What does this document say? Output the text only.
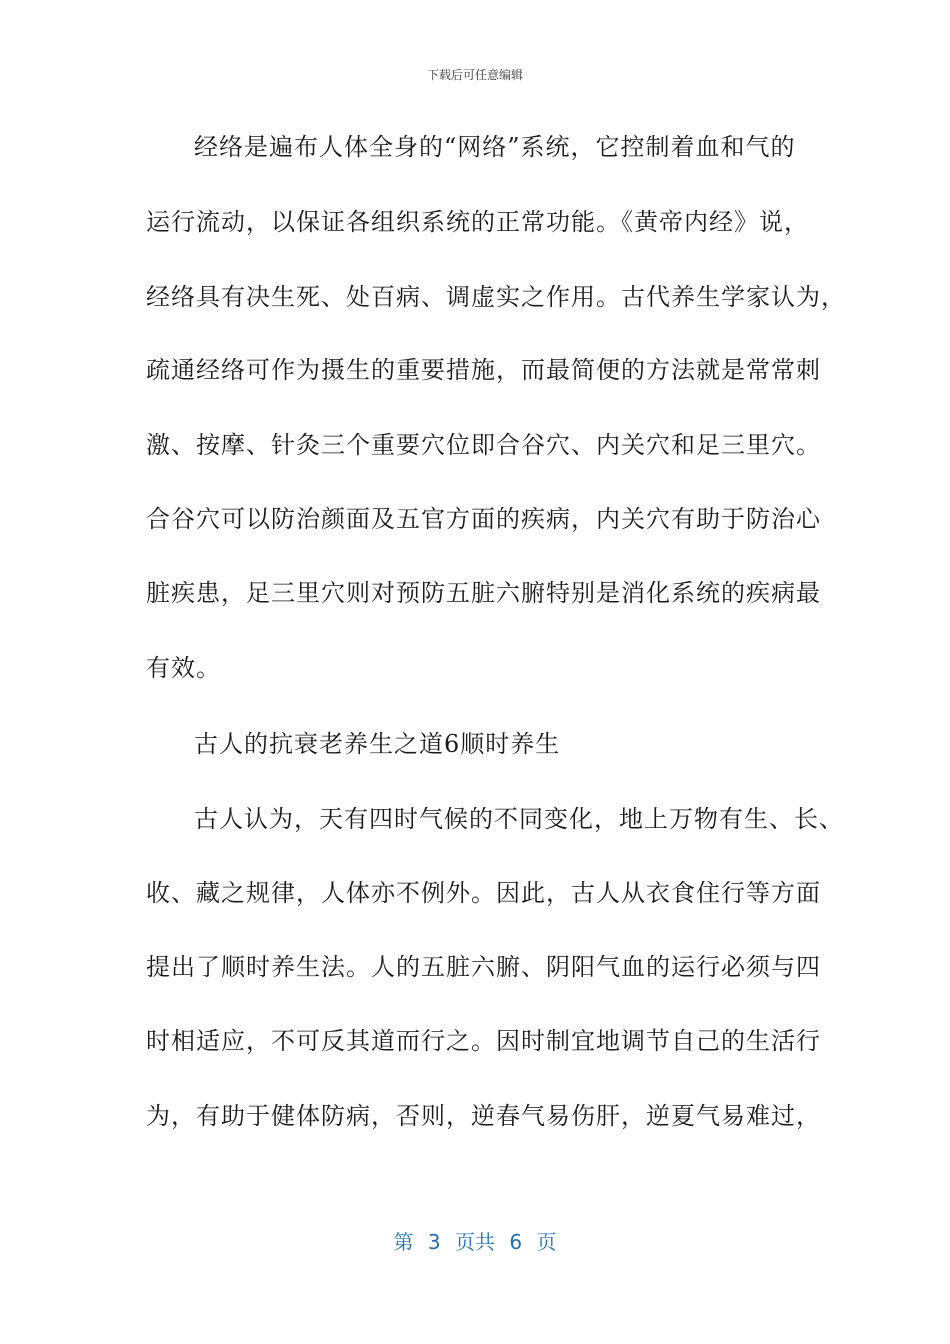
下载后可任意编辑
经络是遍布人体全身的“网络”系统，它控制着血和气的
运行流动，以保证各组织系统的正常功能。《黄帝内经》说，
经络具有决生死、处百病、调虚实之作用。古代养生学家认为，
疏通经络可作为摄生的重要措施，而最简便的方法就是常常刺
激、按摩、针灸三个重要穴位即合谷穴、内关穴和足三里穴。
合谷穴可以防治颜面及五官方面的疾病，内关穴有助于防治心
脏疾患，足三里穴则对预防五脏六腑特别是消化系统的疾病最
有效。
古人的抗衰老养生之道6顺时养生
古人认为，天有四时气候的不同变化，地上万物有生、长、
收、藏之规律，人体亦不例外。因此，古人从衣食住行等方面
提出了顺时养生法。人的五脏六腑、阴阳气血的运行必须与四
时相适应，不可反其道而行之。因时制宜地调节自己的生活行
为，有助于健体防病，否则，逆春气易伤肝，逆夏气易难过，
第 3 页共 6 页
